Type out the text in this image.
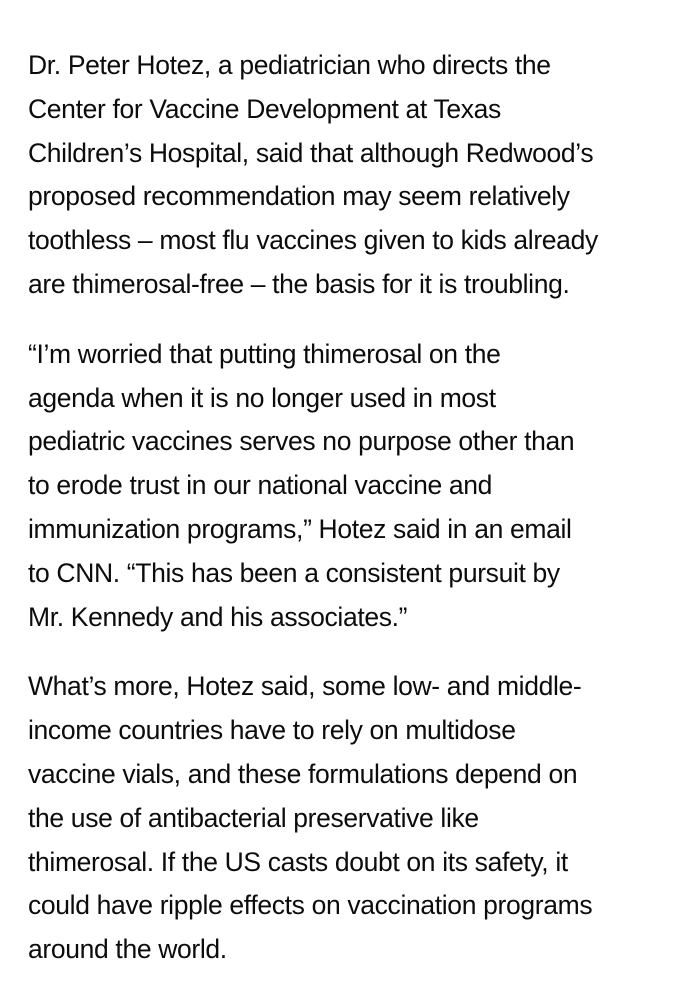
Dr. Peter Hotez, a pediatrician who directs the
Center for Vaccine Development at Texas
Children’s Hospital, said that although Redwood’s
proposed recommendation may seem relatively
toothless – most flu vaccines given to kids already
are thimerosal-free – the basis for it is troubling.

“I’m worried that putting thimerosal on the
agenda when it is no longer used in most
pediatric vaccines serves no purpose other than
to erode trust in our national vaccine and
immunization programs,” Hotez said in an email
to CNN. “This has been a consistent pursuit by
Mr. Kennedy and his associates.”

What’s more, Hotez said, some low- and middle-
income countries have to rely on multidose
vaccine vials, and these formulations depend on
the use of antibacterial preservative like
thimerosal. If the US casts doubt on its safety, it
could have ripple effects on vaccination programs
around the world.
